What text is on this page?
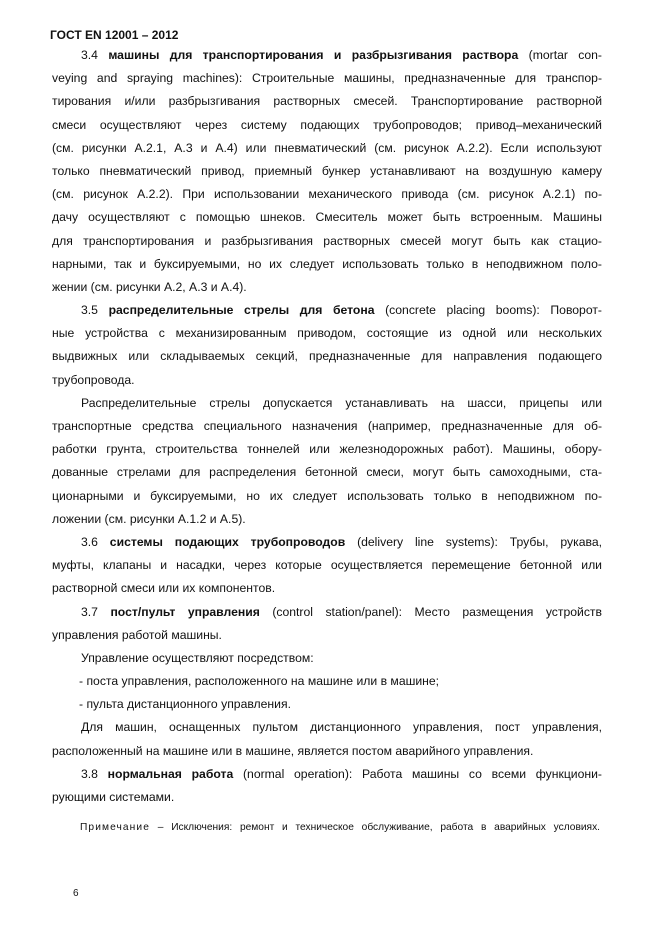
ГОСТ EN 12001 – 2012
3.4 машины для транспортирования и разбрызгивания раствора (mortar con-
veying and spraying machines): Строительные машины, предназначенные для транспор-
тирования и/или разбрызгивания растворных смесей. Транспортирование растворной
смеси осуществляют через систему подающих трубопроводов; привод–механический
(см. рисунки А.2.1, А.3 и А.4) или пневматический (см. рисунок А.2.2). Если используют
только пневматический привод, приемный бункер устанавливают на воздушную камеру
(см. рисунок А.2.2). При использовании механического привода (см. рисунок А.2.1) по-
дачу осуществляют с помощью шнеков. Смеситель может быть встроенным. Машины
для транспортирования и разбрызгивания растворных смесей могут быть как стацио-
нарными, так и буксируемыми, но их следует использовать только в неподвижном поло-
жении (см. рисунки А.2, А.3 и А.4).
3.5 распределительные стрелы для бетона (concrete placing booms): Поворот-
ные устройства с механизированным приводом, состоящие из одной или нескольких
выдвижных или складываемых секций, предназначенные для направления подающего
трубопровода.
Распределительные стрелы допускается устанавливать на шасси, прицепы или
транспортные средства специального назначения (например, предназначенные для об-
работки грунта, строительства тоннелей или железнодорожных работ). Машины, обору-
дованные стрелами для распределения бетонной смеси, могут быть самоходными, ста-
ционарными и буксируемыми, но их следует использовать только в неподвижном по-
ложении (см. рисунки А.1.2 и А.5).
3.6 системы подающих трубопроводов (delivery line systems): Трубы, рукава,
муфты, клапаны и насадки, через которые осуществляется перемещение бетонной или
растворной смеси или их компонентов.
3.7 пост/пульт управления (control station/panel): Место размещения устройств
управления работой машины.
Управление осуществляют посредством:
- поста управления, расположенного на машине или в машине;
- пульта дистанционного управления.
Для машин, оснащенных пультом дистанционного управления, пост управления,
расположенный на машине или в машине, является постом аварийного управления.
3.8 нормальная работа (normal operation): Работа машины со всеми функциони-
рующими системами.
Примечание – Исключения: ремонт и техническое обслуживание, работа в аварийных условиях.
6
